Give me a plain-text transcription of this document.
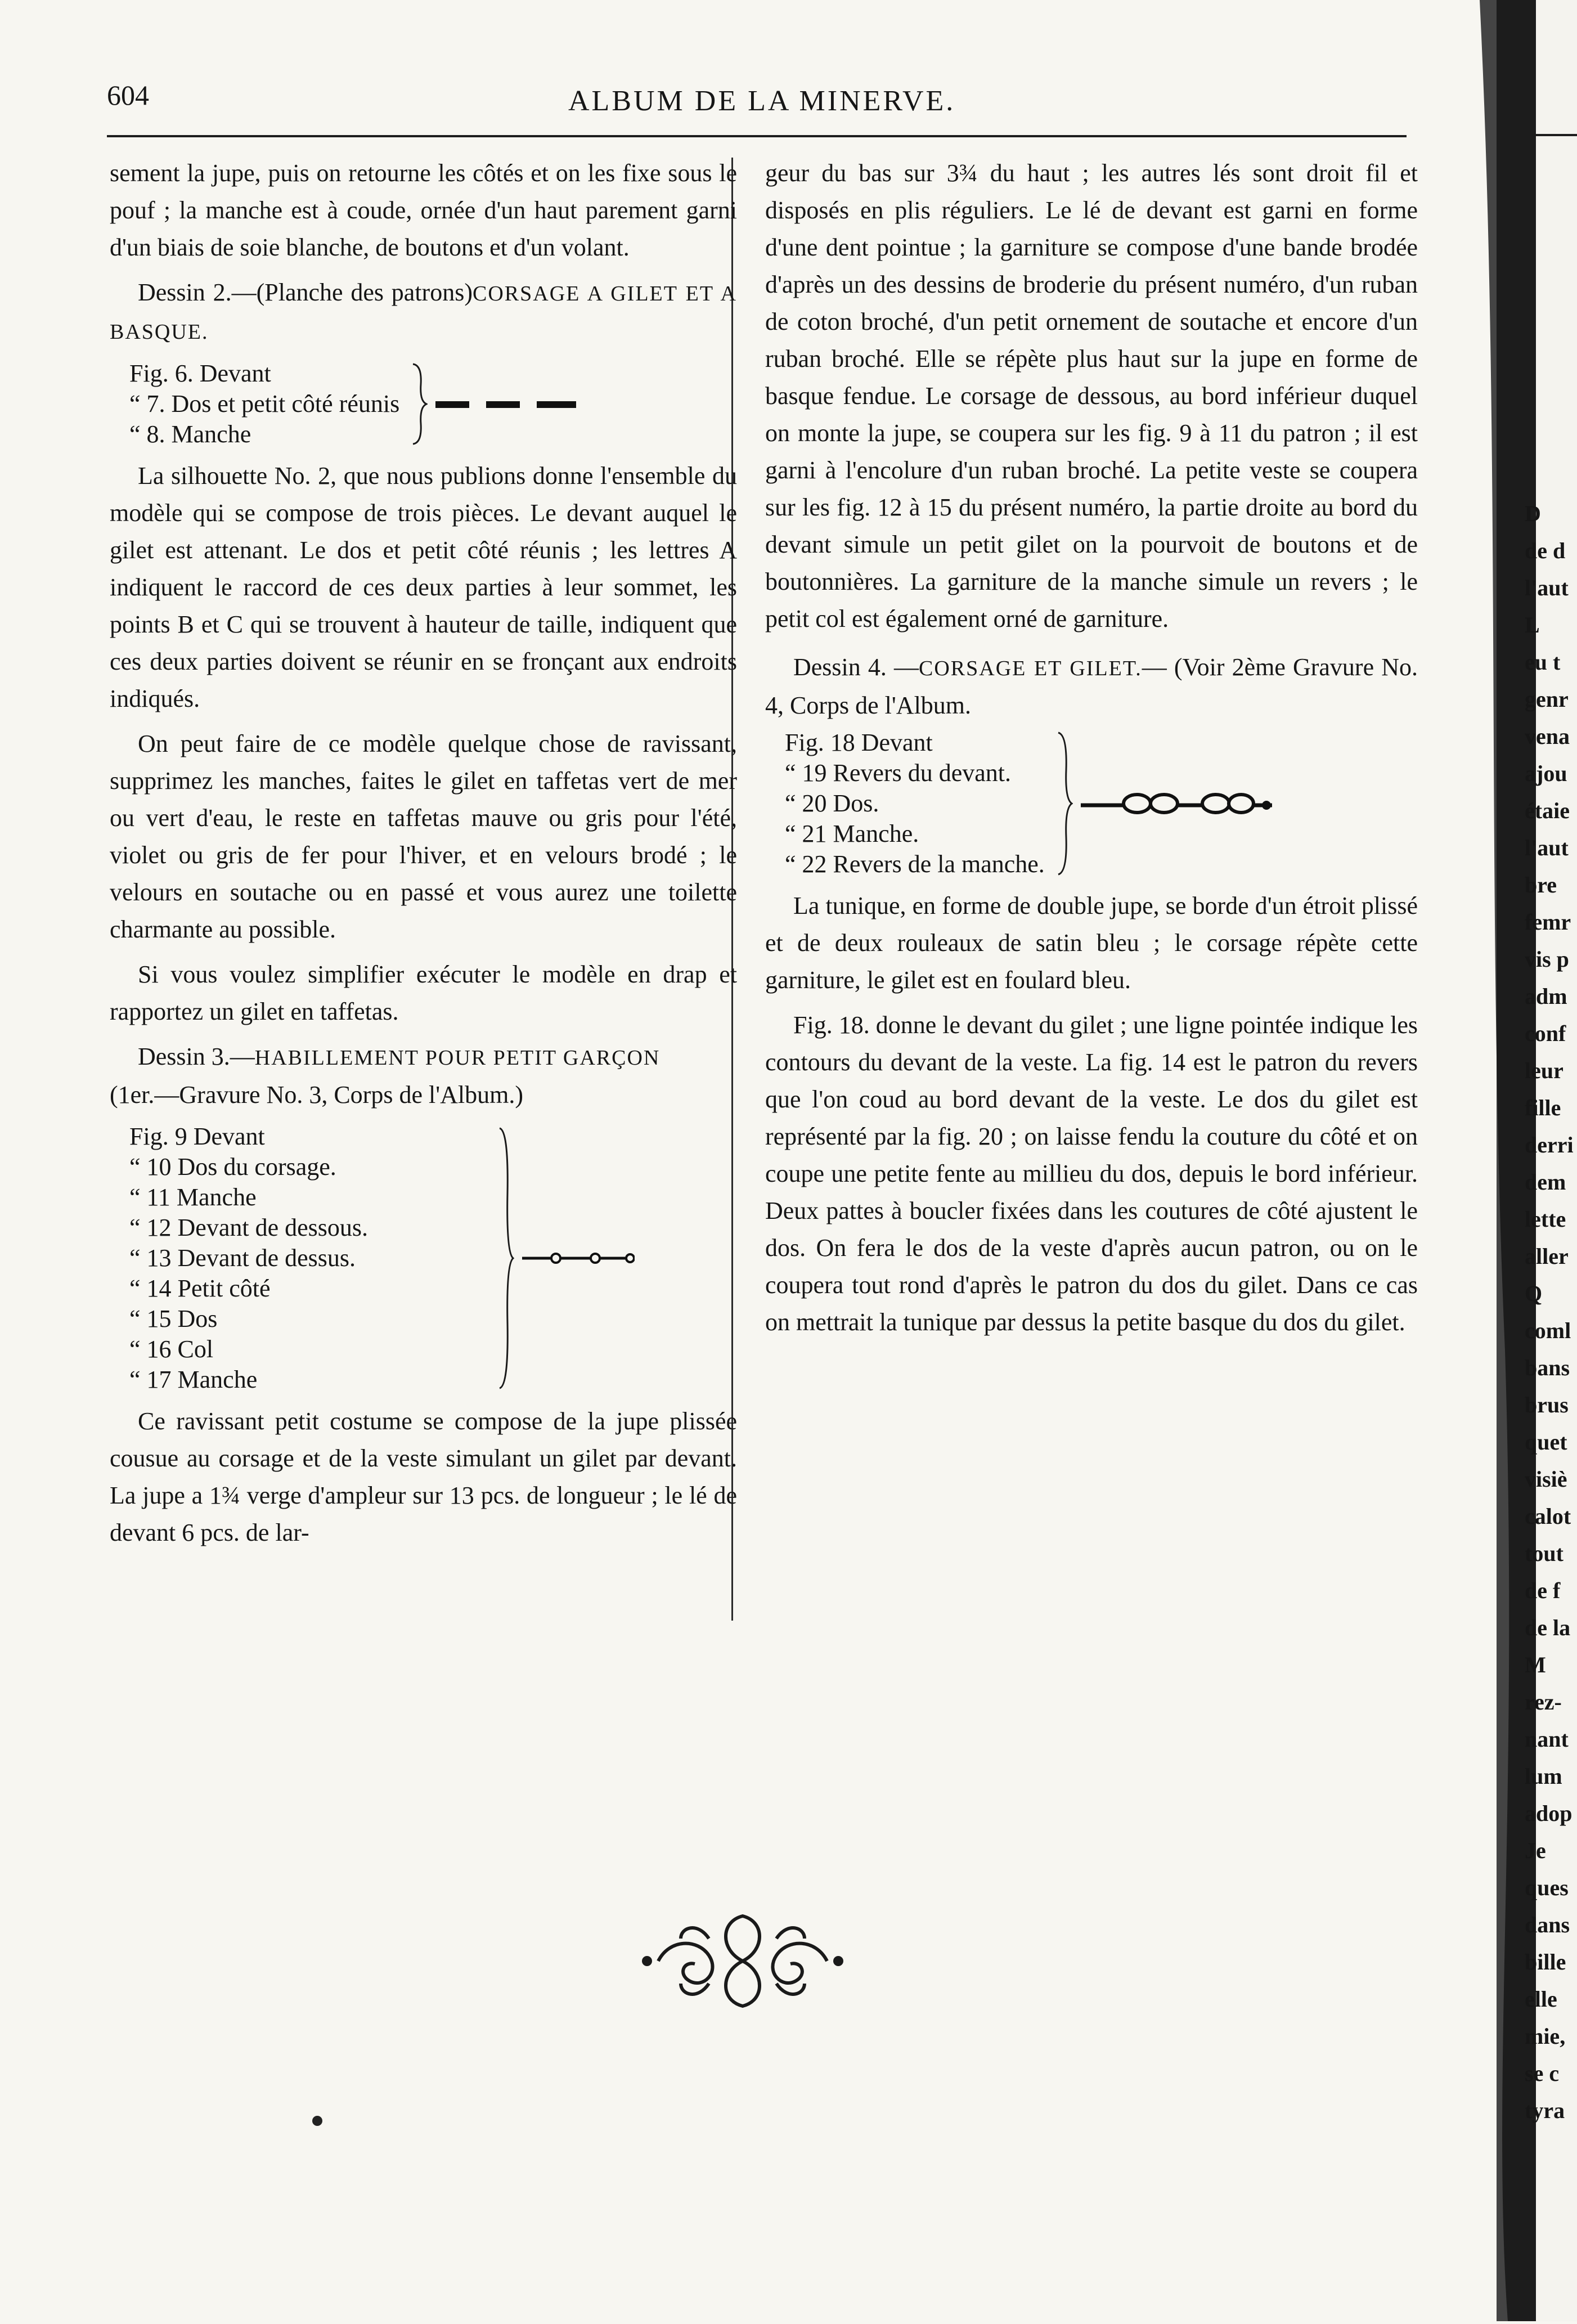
604	ALBUM DE LA MINERVE.

sement la jupe, puis on retourne les côtés et on les fixe sous le pouf ; la manche est à coude, ornée d'un haut parement garni d'un biais de soie blanche, de boutons et d'un volant.

Dessin 2.—(Planche des patrons)CORSAGE A GILET ET A BASQUE.

Fig. 6. Devant
“ 7. Dos et petit côté réunis
“ 8. Manche

La silhouette No. 2, que nous publions donne l'ensemble du modèle qui se compose de trois pièces. Le devant auquel le gilet est attenant. Le dos et petit côté réunis ; les lettres A indiquent le raccord de ces deux parties à leur sommet, les points B et C qui se trouvent à hauteur de taille, indiquent que ces deux parties doivent se réunir en se fronçant aux endroits indiqués.

On peut faire de ce modèle quelque chose de ravissant, supprimez les manches, faites le gilet en taffetas vert de mer ou vert d'eau, le reste en taffetas mauve ou gris pour l'été, violet ou gris de fer pour l'hiver, et en velours brodé ; le velours en soutache ou en passé et vous aurez une toilette charmante au possible.

Si vous voulez simplifier exécuter le modèle en drap et rapportez un gilet en taffetas.

Dessin 3.—HABILLEMENT POUR PETIT GARÇON

(1er.—Gravure No. 3, Corps de l'Album.)

Fig. 9 Devant
“ 10 Dos du corsage.
“ 11 Manche
“ 12 Devant de dessous.
“ 13 Devant de dessus.
“ 14 Petit côté
“ 15 Dos
“ 16 Col
“ 17 Manche

Ce ravissant petit costume se compose de la jupe plissée cousue au corsage et de la veste simulant un gilet par devant. La jupe a 1¾ verge d'ampleur sur 13 pcs. de longueur ; le lé de devant 6 pcs. de lar-

geur du bas sur 3¾ du haut ; les autres lés sont droit fil et disposés en plis réguliers. Le lé de devant est garni en forme d'une dent pointue ; la garniture se compose d'une bande brodée d'après un des dessins de broderie du présent numéro, d'un ruban de coton broché, d'un petit ornement de soutache et encore d'un ruban broché. Elle se répète plus haut sur la jupe en forme de basque fendue. Le corsage de dessous, au bord inférieur duquel on monte la jupe, se coupera sur les fig. 9 à 11 du patron ; il est garni à l'encolure d'un ruban broché. La petite veste se coupera sur les fig. 12 à 15 du présent numéro, la partie droite au bord du devant simule un petit gilet on la pourvoit de boutons et de boutonnières. La garniture de la manche simule un revers ; le petit col est également orné de garniture.

Dessin 4. —CORSAGE ET GILET.— (Voir 2ème Gravure No. 4, Corps de l'Album.

Fig. 18 Devant
“ 19 Revers du devant.
“ 20 Dos.
“ 21 Manche.
“ 22 Revers de la manche.

La tunique, en forme de double jupe, se borde d'un étroit plissé et de deux rouleaux de satin bleu ; le corsage répète cette garniture, le gilet est en foulard bleu.

Fig. 18. donne le devant du gilet ; une ligne pointée indique les contours du devant de la veste. La fig. 14 est le patron du revers que l'on coud au bord devant de la veste. Le dos du gilet est représenté par la fig. 20 ; on laisse fendu la couture du côté et on coupe une petite fente au millieu du dos, depuis le bord inférieur. Deux pattes à boucler fixées dans les coutures de côté ajustent le dos. On fera le dos de la veste d'après aucun patron, ou on le coupera tout rond d'après le patron du dos du gilet. Dans ce cas on mettrait la tunique par dessus la petite basque du dos du gilet.

D
de d
l'aut
L
eu t
genr
vena
ajou
étaie
l'aut
bre
femr
vis p
adm
conf
leur
fille
derri
dem
lette
aller
Q
coml
bans
brus
quet
visiè
calot
tout
de f
de la
M
rez-
nant
lum
adop
Je
ques
dans
bille
elle
mie,
se c
tyra
